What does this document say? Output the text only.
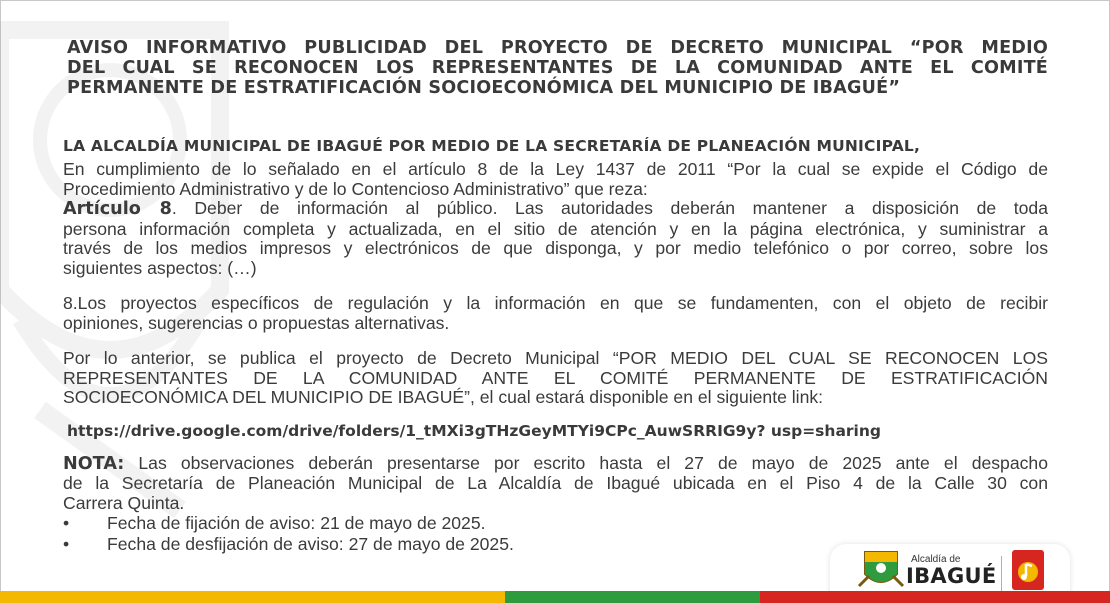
AVISO INFORMATIVO PUBLICIDAD DEL PROYECTO DE DECRETO MUNICIPAL “POR MEDIO
DEL CUAL SE RECONOCEN LOS REPRESENTANTES DE LA COMUNIDAD ANTE EL COMITÉ
PERMANENTE DE ESTRATIFICACIÓN SOCIOECONÓMICA DEL MUNICIPIO DE IBAGUÉ”
LA ALCALDÍA MUNICIPAL DE IBAGUÉ POR MEDIO DE LA SECRETARÍA DE PLANEACIÓN MUNICIPAL,
En cumplimiento de lo señalado en el artículo 8 de la Ley 1437 de 2011 “Por la cual se expide el Código de
Procedimiento Administrativo y de lo Contencioso Administrativo” que reza:
Artículo 8. Deber de información al público. Las autoridades deberán mantener a disposición de toda
persona información completa y actualizada, en el sitio de atención y en la página electrónica, y suministrar a
través de los medios impresos y electrónicos de que disponga, y por medio telefónico o por correo, sobre los
siguientes aspectos: (…)
8.Los proyectos específicos de regulación y la información en que se fundamenten, con el objeto de recibir
opiniones, sugerencias o propuestas alternativas.
Por lo anterior, se publica el proyecto de Decreto Municipal “POR MEDIO DEL CUAL SE RECONOCEN LOS
REPRESENTANTES DE LA COMUNIDAD ANTE EL COMITÉ PERMANENTE DE ESTRATIFICACIÓN
SOCIOECONÓMICA DEL MUNICIPIO DE IBAGUÉ”, el cual estará disponible en el siguiente link:
https://drive.google.com/drive/folders/1_tMXi3gTHzGeyMTYi9CPc_AuwSRRIG9y? usp=sharing
NOTA: Las observaciones deberán presentarse por escrito hasta el 27 de mayo de 2025 ante el despacho
de la Secretaría de Planeación Municipal de La Alcaldía de Ibagué ubicada en el Piso 4 de la Calle 30 con
Carrera Quinta.
•	Fecha de fijación de aviso: 21 de mayo de 2025.
•	Fecha de desfijación de aviso: 27 de mayo de 2025.
Alcaldía de
IBAGUÉ
